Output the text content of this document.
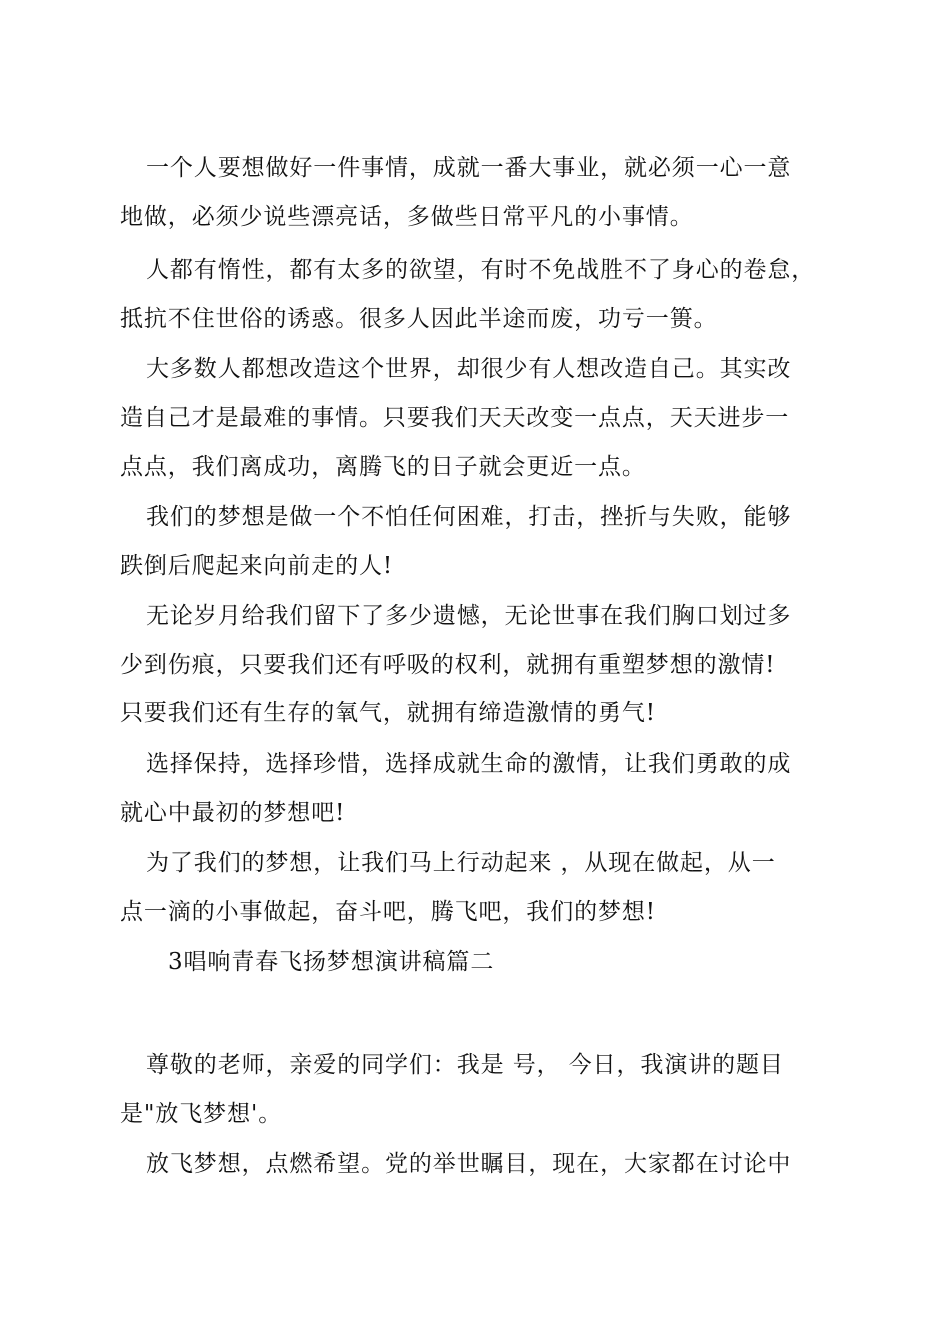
一个人要想做好一件事情，成就一番大事业，就必须一心一意
地做，必须少说些漂亮话，多做些日常平凡的小事情。
人都有惰性，都有太多的欲望，有时不免战胜不了身心的卷怠，
抵抗不住世俗的诱惑。很多人因此半途而废，功亏一篑。
大多数人都想改造这个世界，却很少有人想改造自己。其实改
造自己才是最难的事情。只要我们天天改变一点点，天天进步一
点点，我们离成功，离腾飞的日子就会更近一点。
我们的梦想是做一个不怕任何困难，打击，挫折与失败，能够
跌倒后爬起来向前走的人!
无论岁月给我们留下了多少遗憾，无论世事在我们胸口划过多
少到伤痕，只要我们还有呼吸的权利，就拥有重塑梦想的激情!
只要我们还有生存的氧气，就拥有缔造激情的勇气!
选择保持，选择珍惜，选择成就生命的激情，让我们勇敢的成
就心中最初的梦想吧!
为了我们的梦想，让我们马上行动起来 ，从现在做起，从一
点一滴的小事做起，奋斗吧，腾飞吧，我们的梦想!
3唱响青春飞扬梦想演讲稿篇二
尊敬的老师，亲爱的同学们：我是 号， 今日，我演讲的题目
是"放飞梦想'。
放飞梦想，点燃希望。党的举世瞩目，现在，大家都在讨论中
